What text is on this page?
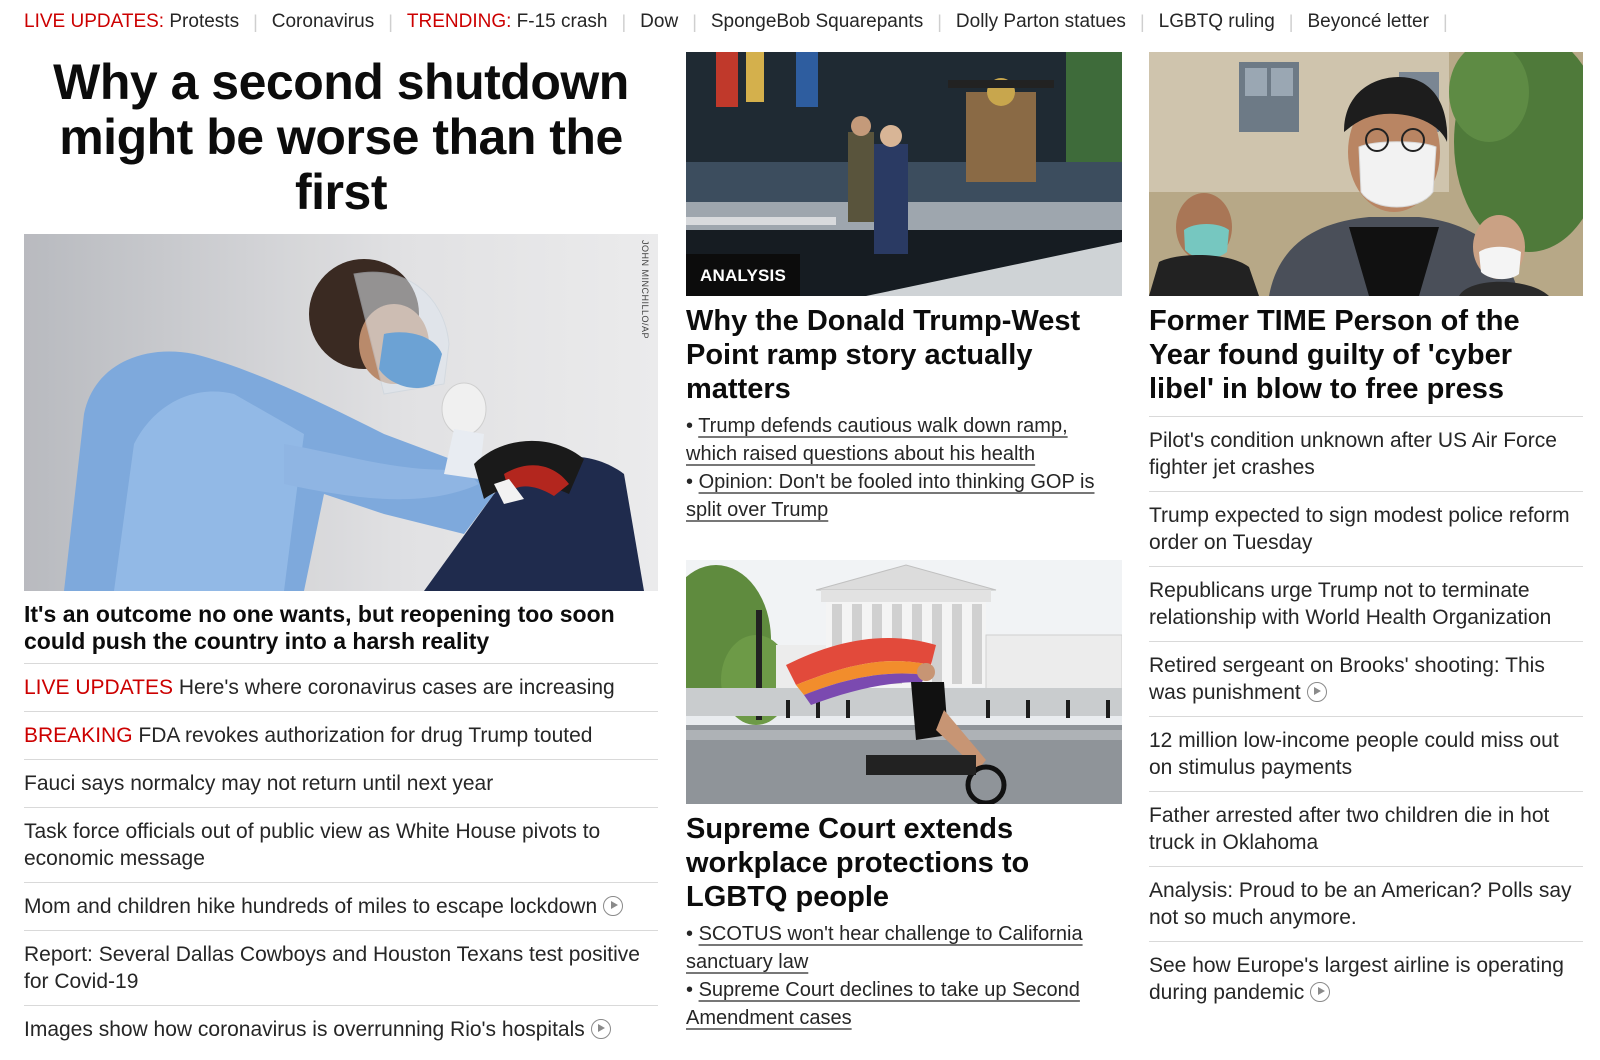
LIVE UPDATES:
Protests | Coronavirus | TRENDING:
F-15 crash | Dow | SpongeBob Squarepants | Dolly Parton statues | LGBTQ ruling | Beyoncé letter |
Why a second shutdown might be worse than the first
JOHN MINCHILLO/AP
It's an outcome no one wants, but reopening too soon could push the country into a harsh reality
LIVE UPDATES Here's where coronavirus cases are increasing
BREAKING FDA revokes authorization for drug Trump touted
Fauci says normalcy may not return until next year
Task force officials out of public view as White House pivots to economic message
Mom and children hike hundreds of miles to escape lockdown
Report: Several Dallas Cowboys and Houston Texans test positive for Covid-19
Images show how coronavirus is overrunning Rio's hospitals
ANALYSIS
Why the Donald Trump-West Point ramp story actually matters
• Trump defends cautious walk down ramp, which raised questions about his health
• Opinion: Don't be fooled into thinking GOP is split over Trump
Supreme Court extends workplace protections to LGBTQ people
• SCOTUS won't hear challenge to California sanctuary law
• Supreme Court declines to take up Second Amendment cases
Former TIME Person of the Year found guilty of 'cyber libel' in blow to free press
Pilot's condition unknown after US Air Force fighter jet crashes
Trump expected to sign modest police reform order on Tuesday
Republicans urge Trump not to terminate relationship with World Health Organization
Retired sergeant on Brooks' shooting: This was punishment
12 million low-income people could miss out on stimulus payments
Father arrested after two children die in hot truck in Oklahoma
Analysis: Proud to be an American? Polls say not so much anymore.
See how Europe's largest airline is operating during pandemic
